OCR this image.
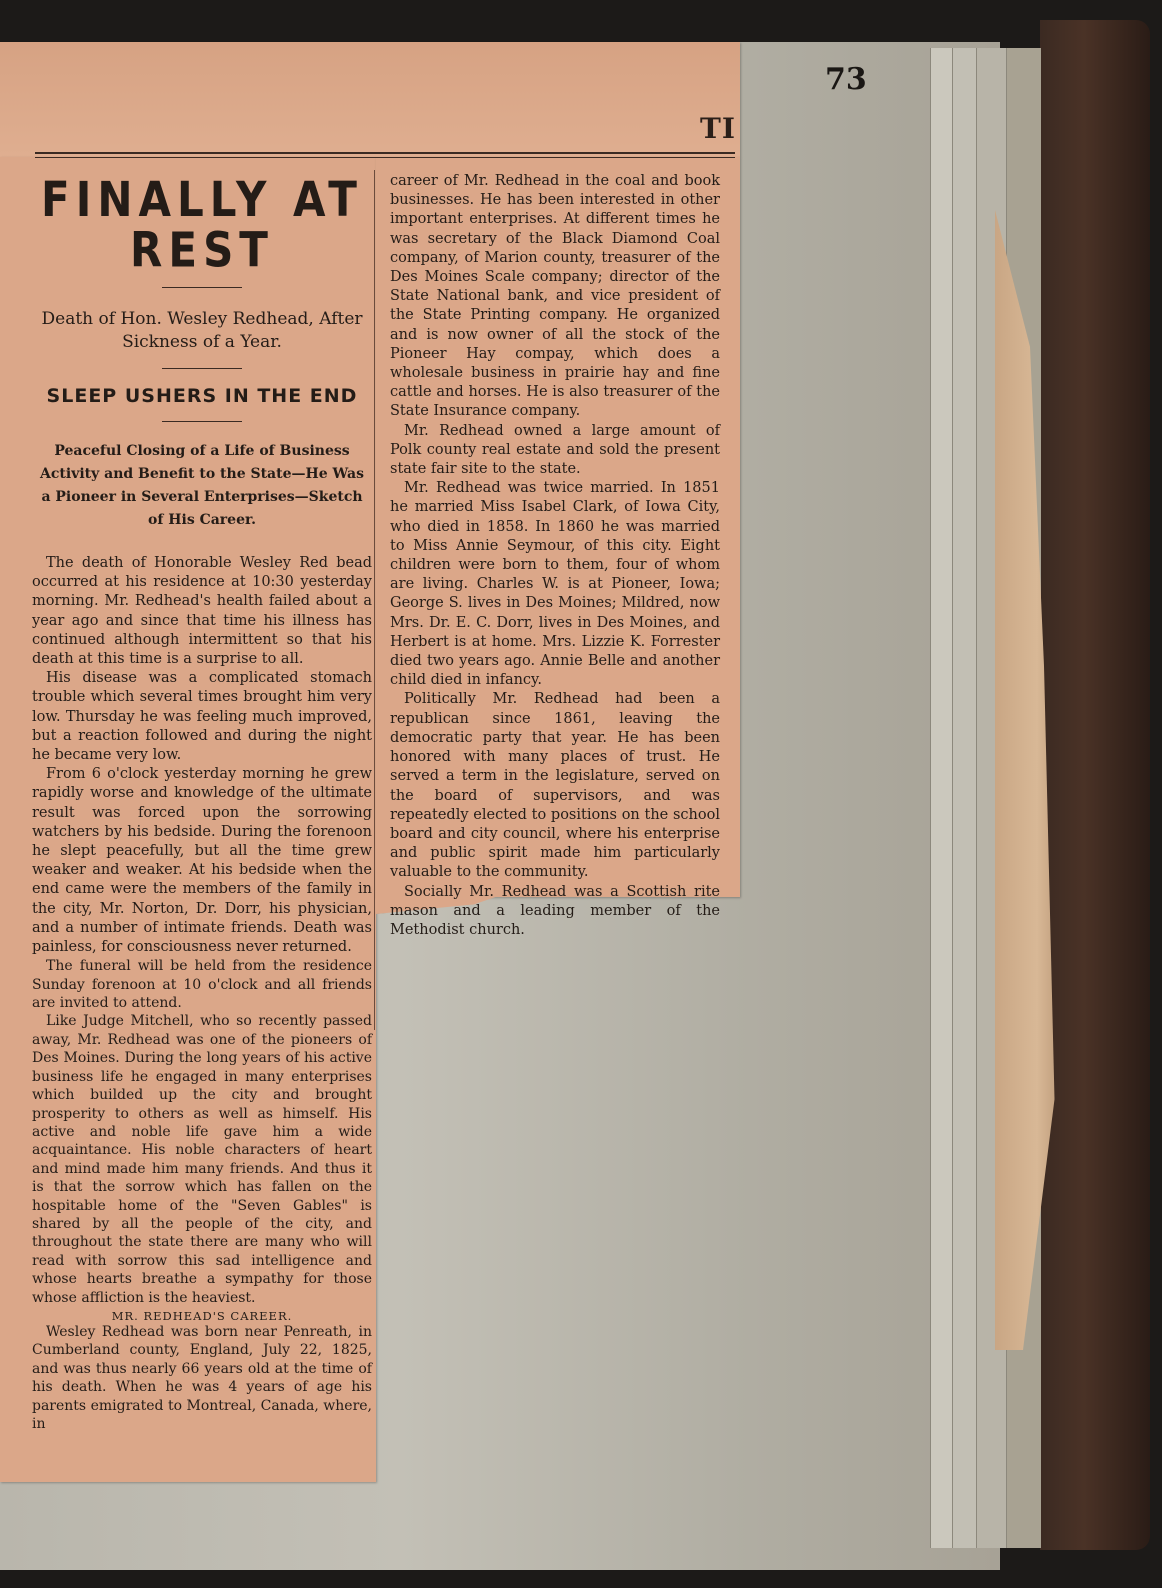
73
TI
FINALLY AT REST
Death of Hon. Wesley Redhead, After Sickness of a Year.
SLEEP USHERS IN THE END
Peaceful Closing of a Life of Business Activity and Benefit to the State—He Was a Pioneer in Several Enterprises—Sketch of His Career.

The death of Honorable Wesley Red bead occurred at his residence at 10:30 yesterday morning. Mr. Redhead's health failed about a year ago and since that time his illness has continued although intermittent so that his death at this time is a surprise to all.

His disease was a complicated stomach trouble which several times brought him very low. Thursday he was feeling much improved, but a reaction followed and during the night he became very low.

From 6 o'clock yesterday morning he grew rapidly worse and knowledge of the ultimate result was forced upon the sorrowing watchers by his bedside. During the forenoon he slept peacefully, but all the time grew weaker and weaker. At his bedside when the end came were the members of the family in the city, Mr. Norton, Dr. Dorr, his physician, and a number of intimate friends. Death was painless, for consciousness never returned.

The funeral will be held from the residence Sunday forenoon at 10 o'clock and all friends are invited to attend.

Like Judge Mitchell, who so recently passed away, Mr. Redhead was one of the pioneers of Des Moines. During the long years of his active business life he engaged in many enterprises which builded up the city and brought prosperity to others as well as himself. His active and noble life gave him a wide acquaintance. His noble characters of heart and mind made him many friends. And thus it is that the sorrow which has fallen on the hospitable home of the "Seven Gables" is shared by all the people of the city, and throughout the state there are many who will read with sorrow this sad intelligence and whose hearts breathe a sympathy for those whose affliction is the heaviest.

MR. REDHEAD'S CAREER.

Wesley Redhead was born near Penreath, in Cumberland county, England, July 22, 1825, and was thus nearly 66 years old at the time of his death. When he was 4 years of age his parents emigrated to Montreal, Canada, where, in

career of Mr. Redhead in the coal and book businesses. He has been interested in other important enterprises. At different times he was secretary of the Black Diamond Coal company, of Marion county, treasurer of the Des Moines Scale company; director of the State National bank, and vice president of the State Printing company. He organized and is now owner of all the stock of the Pioneer Hay compay, which does a wholesale business in prairie hay and fine cattle and horses. He is also treasurer of the State Insurance company.

Mr. Redhead owned a large amount of Polk county real estate and sold the present state fair site to the state.

Mr. Redhead was twice married. In 1851 he married Miss Isabel Clark, of Iowa City, who died in 1858. In 1860 he was married to Miss Annie Seymour, of this city. Eight children were born to them, four of whom are living. Charles W. is at Pioneer, Iowa; George S. lives in Des Moines; Mildred, now Mrs. Dr. E. C. Dorr, lives in Des Moines, and Herbert is at home. Mrs. Lizzie K. Forrester died two years ago. Annie Belle and another child died in infancy.

Politically Mr. Redhead had been a republican since 1861, leaving the democratic party that year. He has been honored with many places of trust. He served a term in the legislature, served on the board of supervisors, and was repeatedly elected to positions on the school board and city council, where his enterprise and public spirit made him particularly valuable to the community.

Socially Mr. Redhead was a Scottish rite mason and a leading member of the Methodist church.
